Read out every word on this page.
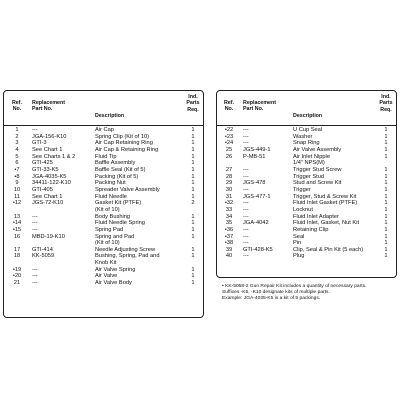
Ref.
No.
Replacement
Part No.
Description
Ind.
Parts
Req.
1	---	Air Cap	1
2	JGA-156-K10	Spring Clip (Kit of 10)	1
3	GTI-3	Air Cap Retaining Ring	1
4	See Chart 1	Air Cap & Retaining Ring	1
5	See Charts 1 & 2	Fluid Tip	1
6	GTI-425	Baffle Assembly	1
•7	GTI-33-K5	Baffle Seal (Kit of 5)	1
•8	JGA-4035-K5	Packing (Kit of 5)	1
9	34411-122-K10	Packing Nut	1
10	GTI-405	Spreader Valve Assembly	1
11	See Chart 1	Fluid Needle	1
•12	JGS-72-K10	Gasket Kit (PTFE)	2
(Kit of 10)
13	---	Body Bushing	1
•14	---	Fluid Needle Spring	1
•15	---	Spring Pad	1
16	MBD-19-K10	Spring and Pad	1
(Kit of 10)
17	GTI-414	Needle Adjusting Screw	1
18	KK-5059	Bushing, Spring, Pad and	1
Knob Kit
•19	---	Air Valve Spring	1
•20	---	Air Valve	1
21	---	Air Valve Body	1
Ref.
No.
Replacement
Part No.
Description
Ind.
Parts
Req.
•22	---	U Cup Seal	1
•23	---	Washer	1
•24	---	Snap Ring	1
25	JGS-449-1	Air Valve Assembly	1
26	P-MB-51	Air Inlet Nipple	1
1/4" NPS(M)
27	---	Trigger Stud Screw	1
28	---	Trigger Stud	1
29	JGS-478	Stud and Screw Kit	1
30	---	Trigger	1
31	JGS-477-1	Trigger, Stud & Screw Kit	1
•32	---	Fluid Inlet Gasket (PTFE)	1
33	---	Locknut	1
34	---	Fluid Inlet Adapter	1
35	JGA-4042	Fluid Inlet, Gasket, Nut Kit	1
•36	---	Retaining Clip	1
•37	---	Seal	1
•38	---	Pin	1
39	GTI-428-K5	Clip, Seal & Pin Kit (5 each)	1
40	---	Plug	1
• KK-5058-2 Gun Repair Kit includes a quantity of necessary parts.
Suffixes -K5, -K10 designate kits of multiple parts.
Example: JGA-4035-K5 is a kit of 5 packings.
